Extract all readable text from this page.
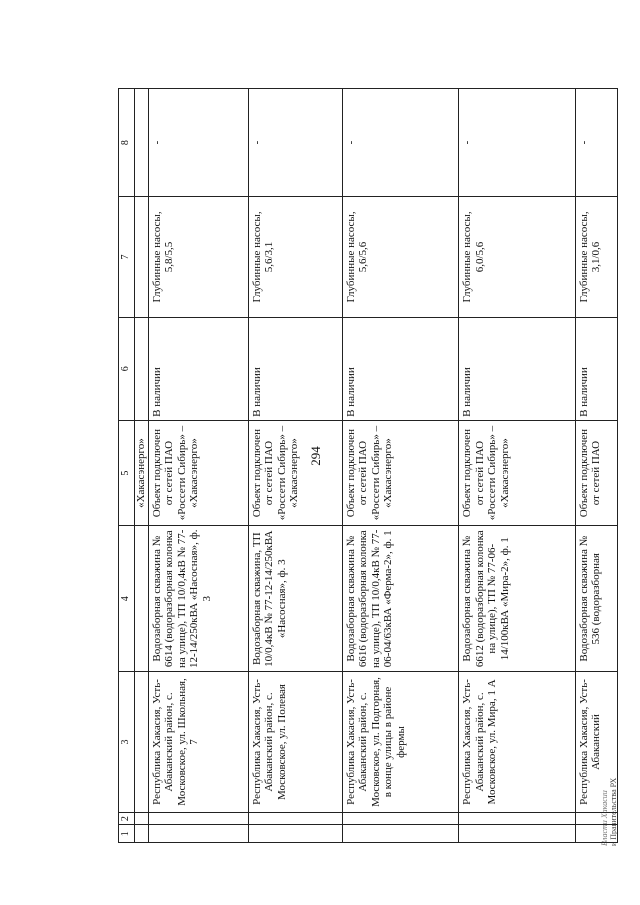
294
Власти Хакасии и Правительства РХ
1	2	3	4	5	6	7	8
				«Хакасэнерго»			
		Республика Хакасия, Усть-Абаканский район, с. Московское, ул. Школьная, 7	Водозаборная скважина № 6614 (водоразборная колонка на улице), ТП 10/0,4кВ № 77-12-14/250кВА «Насосная», ф. 3	Объект подключен от сетей ПАО «Россети Сибирь» – «Хакасэнерго»	В наличии	Глубинные насосы, 5,8/5,5	-
		Республика Хакасия, Усть-Абаканский район, с. Московское, ул. Полевая	Водозаборная скважина, ТП 10/0,4кВ № 77-12-14/250кВА «Насосная», ф. 3	Объект подключен от сетей ПАО «Россети Сибирь» – «Хакасэнерго»	В наличии	Глубинные насосы, 5,6/3,1	-
		Республика Хакасия, Усть-Абаканский район, с. Московское, ул. Подгорная, в конце улицы в районе фермы	Водозаборная скважина № 6616 (водоразборная колонка на улице), ТП 10/0,4кВ № 77-06-04/63кВА «Ферма-2», ф. 1	Объект подключен от сетей ПАО «Россети Сибирь» – «Хакасэнерго»	В наличии	Глубинные насосы, 5,6/5,6	-
		Республика Хакасия, Усть-Абаканский район, с. Московское, ул. Мира, 1 А	Водозаборная скважина № 6612 (водоразборная колонка на улице), ТП № 77-06-14/100кВА «Мира-2», ф. 1	Объект подключен от сетей ПАО «Россети Сибирь» – «Хакасэнерго»	В наличии	Глубинные насосы, 6,0/5,6	-
		Республика Хакасия, Усть-Абаканский	Водозаборная скважина № 536 (водоразборная	Объект подключен от сетей ПАО	В наличии	Глубинные насосы, 3,1/0,6	-
